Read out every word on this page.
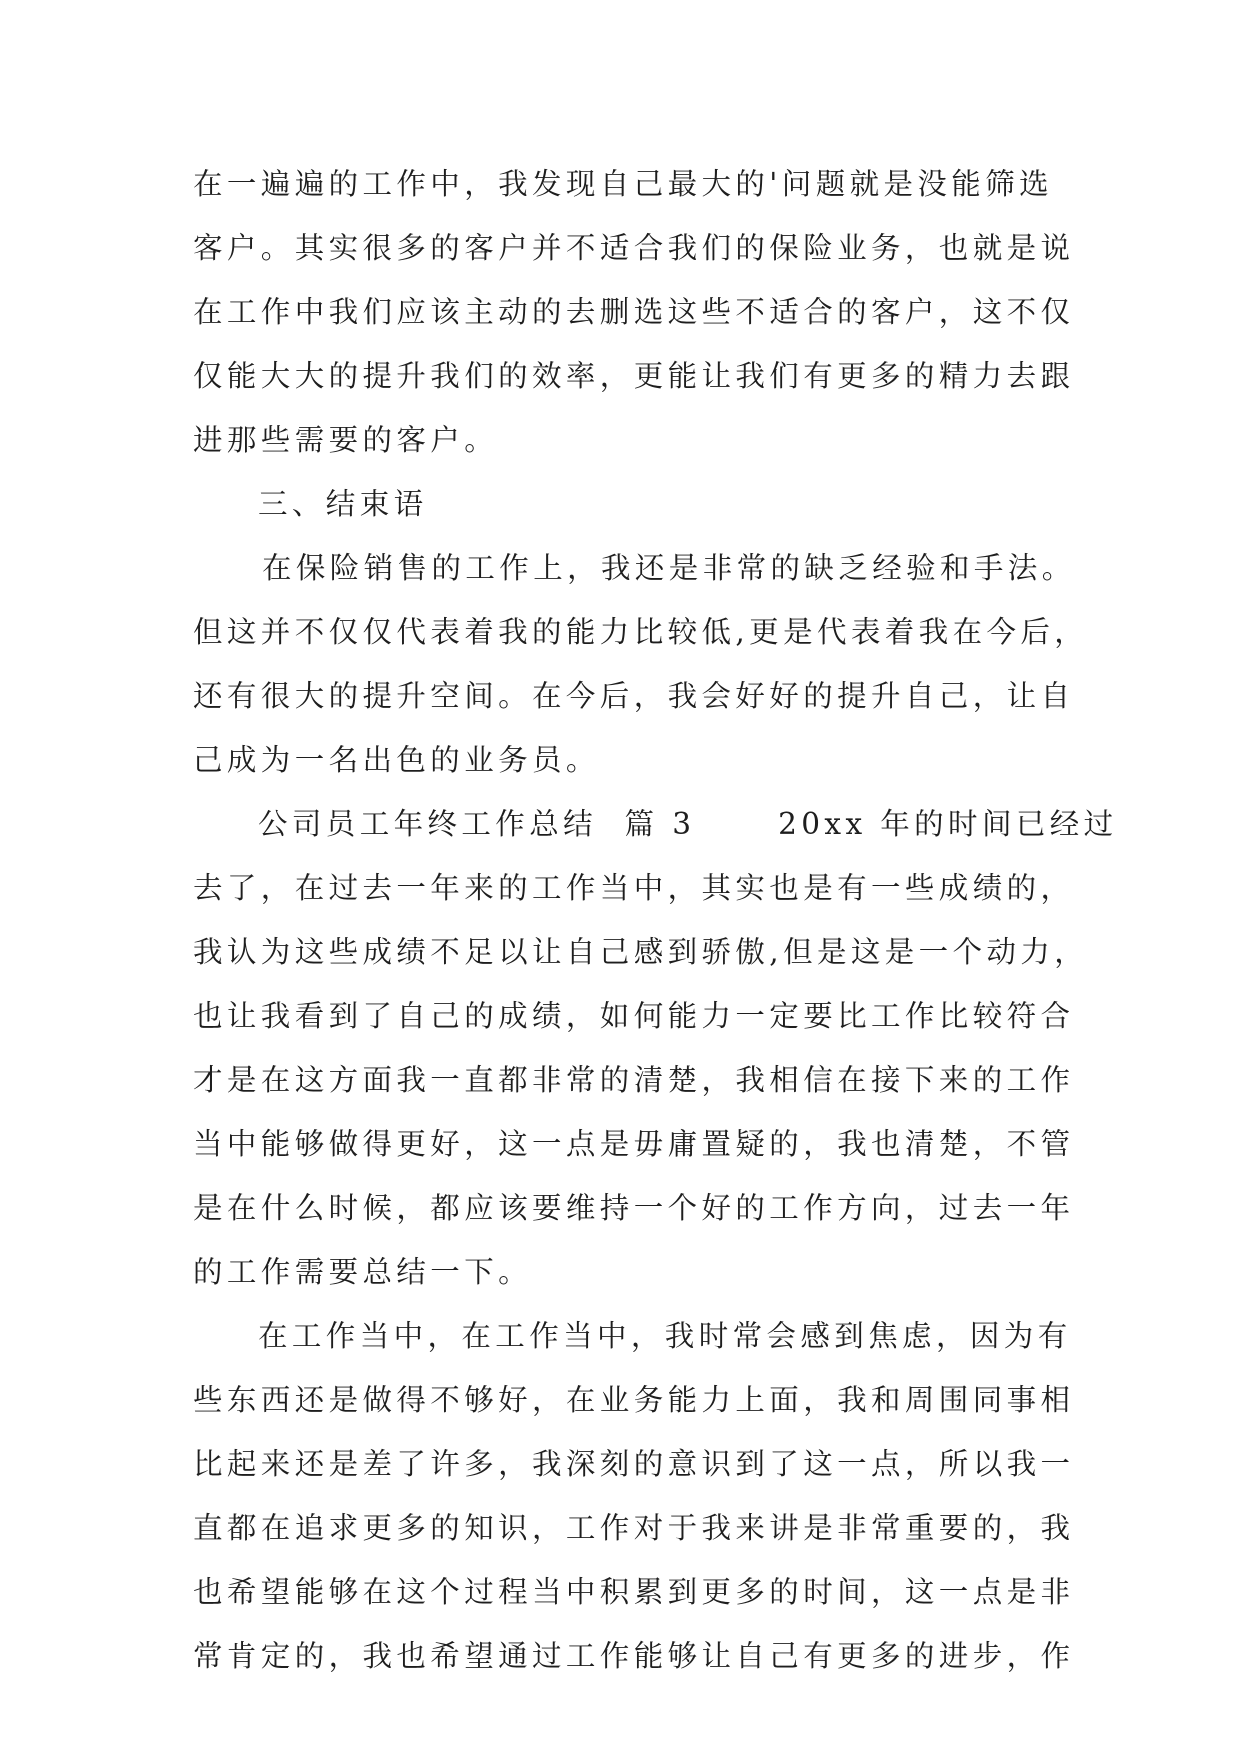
在一遍遍的工作中，我发现自己最大的'问题就是没能筛选
客户。其实很多的客户并不适合我们的保险业务，也就是说
在工作中我们应该主动的去删选这些不适合的客户，这不仅
仅能大大的提升我们的效率，更能让我们有更多的精力去跟
进那些需要的客户。
三、结束语
在保险销售的工作上，我还是非常的缺乏经验和手法。
但这并不仅仅代表着我的能力比较低,更是代表着我在今后，
还有很大的提升空间。在今后，我会好好的提升自己，让自
己成为一名出色的业务员。
公司员工年终工作总结  篇 3      20xx 年的时间已经过
去了，在过去一年来的工作当中，其实也是有一些成绩的，
我认为这些成绩不足以让自己感到骄傲,但是这是一个动力，
也让我看到了自己的成绩，如何能力一定要比工作比较符合
才是在这方面我一直都非常的清楚，我相信在接下来的工作
当中能够做得更好，这一点是毋庸置疑的，我也清楚，不管
是在什么时候，都应该要维持一个好的工作方向，过去一年
的工作需要总结一下。
在工作当中，在工作当中，我时常会感到焦虑，因为有
些东西还是做得不够好，在业务能力上面，我和周围同事相
比起来还是差了许多，我深刻的意识到了这一点，所以我一
直都在追求更多的知识，工作对于我来讲是非常重要的，我
也希望能够在这个过程当中积累到更多的时间，这一点是非
常肯定的，我也希望通过工作能够让自己有更多的进步，作
